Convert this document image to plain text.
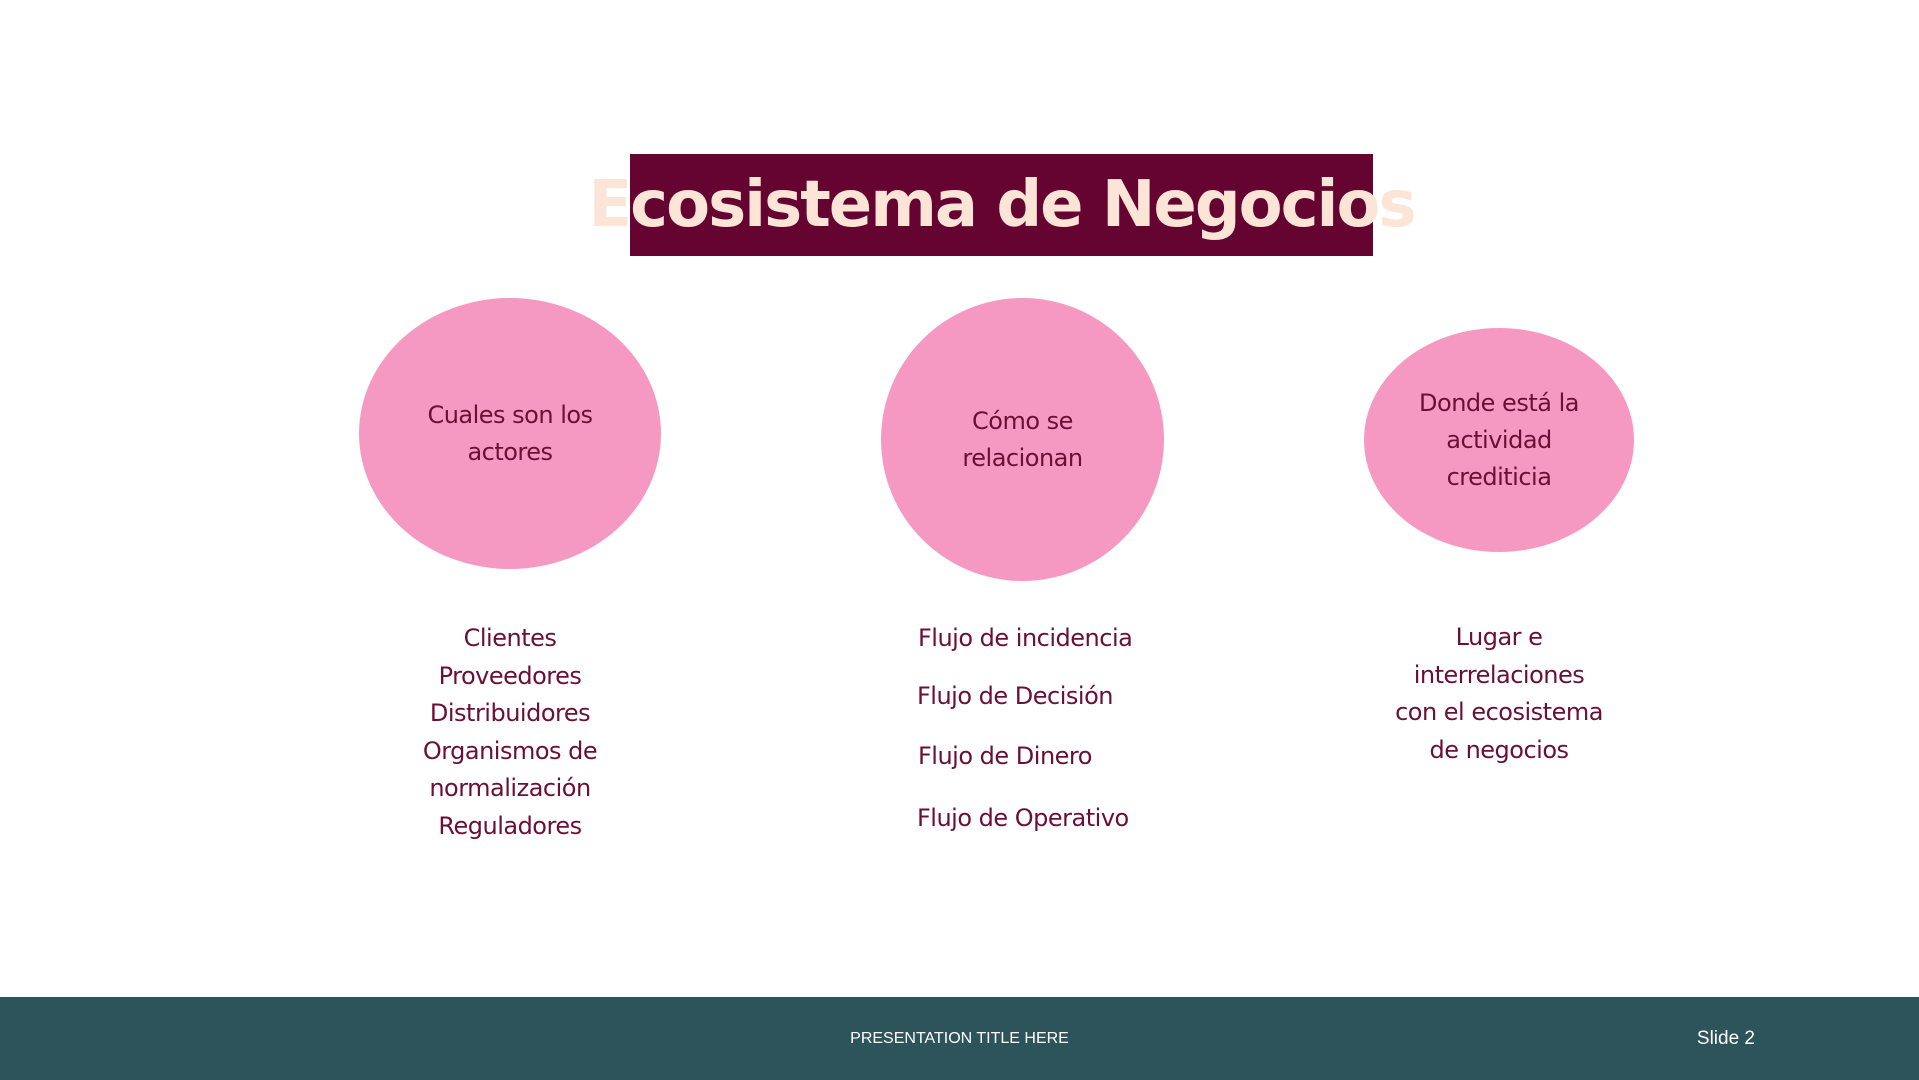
Ecosistema de Negocios
Cuales son los
actores
Cómo se
relacionan
Donde está la
actividad
crediticia
Clientes
Proveedores
Distribuidores
Organismos de
normalización
Reguladores
Flujo de incidencia
Flujo de Decisión
Flujo de Dinero
Flujo de Operativo
Lugar e
interrelaciones
con el ecosistema
de negocios
PRESENTATION TITLE HERE	Slide 2
